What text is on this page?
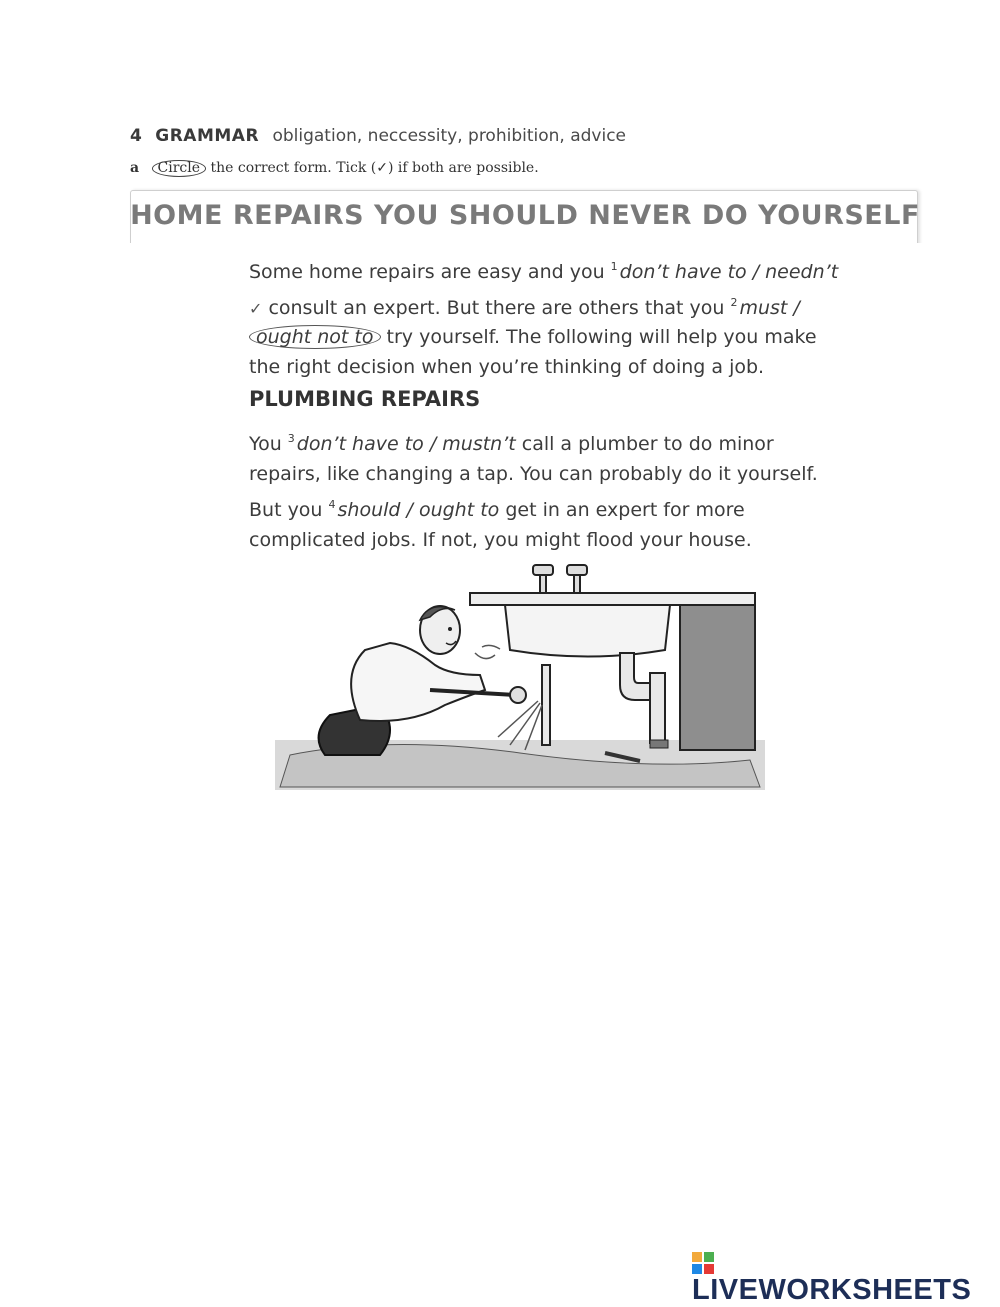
4 GRAMMAR obligation, neccessity, prohibition, advice
a Circle the correct form. Tick (✓) if both are possible.
HOME REPAIRS YOU SHOULD NEVER DO YOURSELF
Some home repairs are easy and you $^1$ don’t have to / needn’t ✓ consult an expert. But there are others that you $^2$ must /ought not to try yourself. The following will help you make the right decision when you’re thinking of doing a job.
PLUMBING REPAIRS
You $^3$ don’t have to / mustn’t call a plumber to do minor repairs, like changing a tap. You can probably do it yourself.
But you $^4$ should / ought to get in an expert for more complicated jobs. If not, you might flood your house.
LIVEWORKSHEETS
